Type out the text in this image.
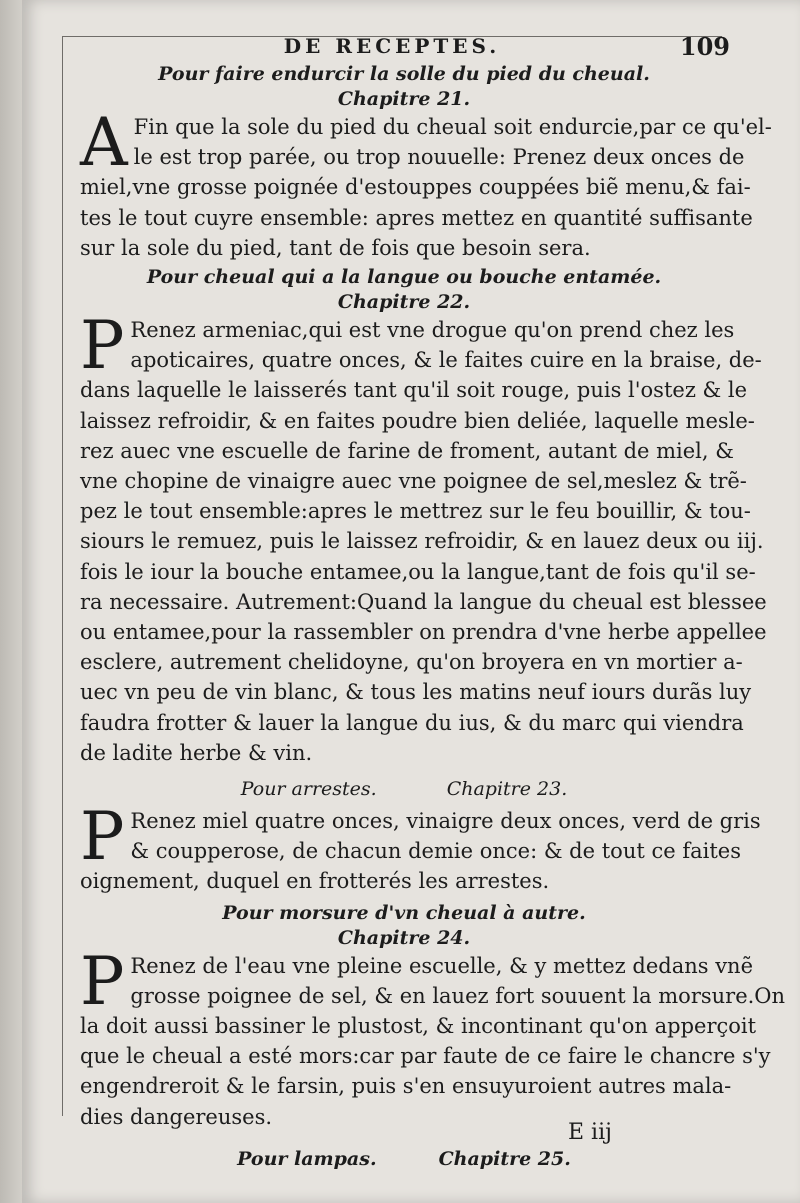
DE RECEPTES.	109

Pour faire endurcir la solle du pied du cheual.

Chapitre 21.

A Fin que la sole du pied du cheual soit endurcie,par ce qu'el-
le est trop parée, ou trop nouuelle: Prenez deux onces de
miel,vne grosse poignée d'estouppes couppées biẽ menu,& fai-
tes le tout cuyre ensemble: apres mettez en quantité suffisante
sur la sole du pied, tant de fois que besoin sera.

Pour cheual qui a la langue ou bouche entamée.

Chapitre 22.

P Renez armeniac,qui est vne drogue qu'on prend chez les
apoticaires, quatre onces, & le faites cuire en la braise, de-
dans laquelle le laisserés tant qu'il soit rouge, puis l'ostez & le
laissez refroidir, & en faites poudre bien deliée, laquelle mesle-
rez auec vne escuelle de farine de froment, autant de miel, &
vne chopine de vinaigre auec vne poignee de sel,meslez & trẽ-
pez le tout ensemble:apres le mettrez sur le feu bouillir, & tou-
siours le remuez, puis le laissez refroidir, & en lauez deux ou iij.
fois le iour la bouche entamee,ou la langue,tant de fois qu'il se-
ra necessaire. Autrement:Quand la langue du cheual est blessee
ou entamee,pour la rassembler on prendra d'vne herbe appellee
esclere, autrement chelidoyne, qu'on broyera en vn mortier a-
uec vn peu de vin blanc, & tous les matins neuf iours durãs luy
faudra frotter & lauer la langue du ius, & du marc qui viendra
de ladite herbe & vin.
Pour arrestes.	Chapitre 23.
P Renez miel quatre onces, vinaigre deux onces, verd de gris
& coupperose, de chacun demie once: & de tout ce faites
oignement, duquel en frotterés les arrestes.

Pour morsure d'vn cheual à autre.

Chapitre 24.

P Renez de l'eau vne pleine escuelle, & y mettez dedans vnẽ
grosse poignee de sel, & en lauez fort souuent la morsure.On
la doit aussi bassiner le plustost, & incontinant qu'on apperçoit
que le cheual a esté mors:car par faute de ce faire le chancre s'y
engendreroit & le farsin, puis s'en ensuyuroient autres mala-
dies dangereuses.
Pour lampas.	Chapitre 25.
E iij
